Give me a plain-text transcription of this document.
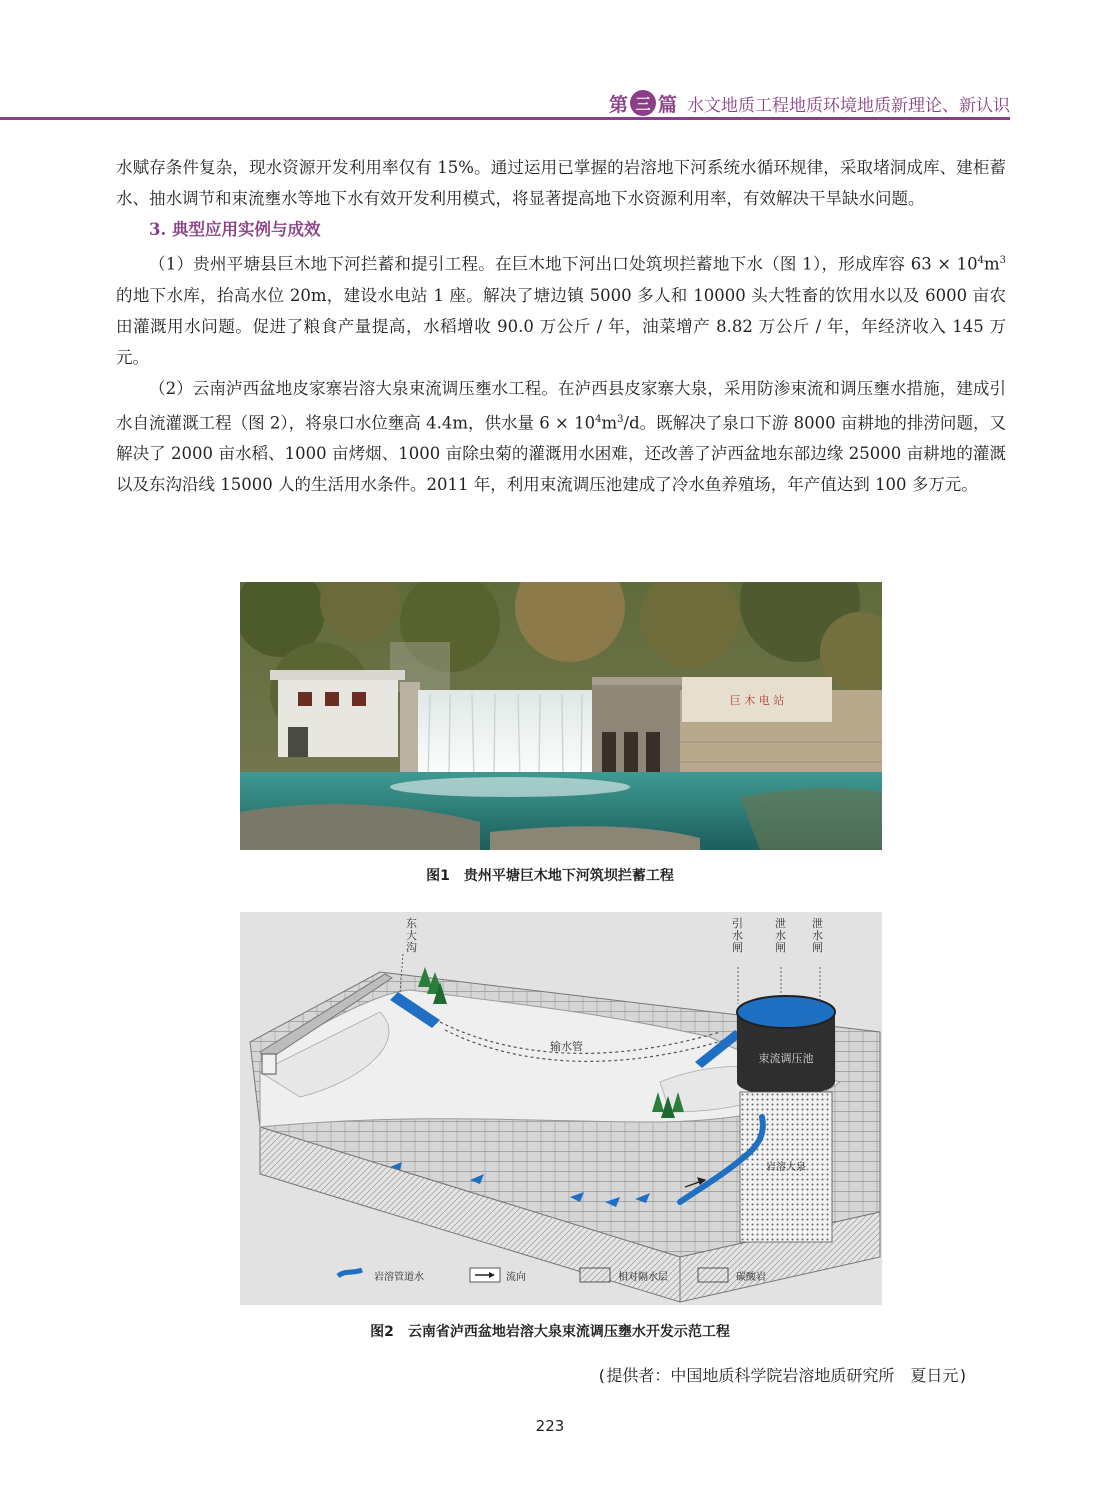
第 三 篇 水文地质工程地质环境地质新理论、新认识

水赋存条件复杂，现水资源开发利用率仅有 15%。通过运用已掌握的岩溶地下河系统水循环规律，采取堵洞成库、建柜蓄水、抽水调节和束流壅水等地下水有效开发利用模式，将显著提高地下水资源利用率，有效解决干旱缺水问题。

3. 典型应用实例与成效

（1）贵州平塘县巨木地下河拦蓄和提引工程。在巨木地下河出口处筑坝拦蓄地下水（图 1），形成库容 $63 \times 10^4m^3$ 的地下水库，抬高水位 20m，建设水电站 1 座。解决了塘边镇 5000 多人和 10000 头大牲畜的饮用水以及 6000 亩农田灌溉用水问题。促进了粮食产量提高，水稻增收 90.0 万公斤 / 年，油菜增产 8.82 万公斤 / 年，年经济收入 145 万元。

（2）云南泸西盆地皮家寨岩溶大泉束流调压壅水工程。在泸西县皮家寨大泉，采用防渗束流和调压壅水措施，建成引水自流灌溉工程（图 2），将泉口水位壅高 4.4m，供水量 $6 \times 10^4m^3/d$。既解决了泉口下游 8000 亩耕地的排涝问题，又解决了 2000 亩水稻、1000 亩烤烟、1000 亩除虫菊的灌溉用水困难，还改善了泸西盆地东部边缘 25000 亩耕地的灌溉以及东沟沿线 15000 人的生活用水条件。2011 年，利用束流调压池建成了冷水鱼养殖场，年产值达到 100 多万元。

巨 木 电 站
图1　贵州平塘巨木地下河筑坝拦蓄工程
输水管
束流调压池
岩溶大泉
东大沟
引水闸
泄水闸
泄水闸
岩溶管道水	流向	相对隔水层	碳酸岩
图2　云南省泸西盆地岩溶大泉束流调压壅水开发示范工程
(提供者：中国地质科学院岩溶地质研究所　夏日元)
223
